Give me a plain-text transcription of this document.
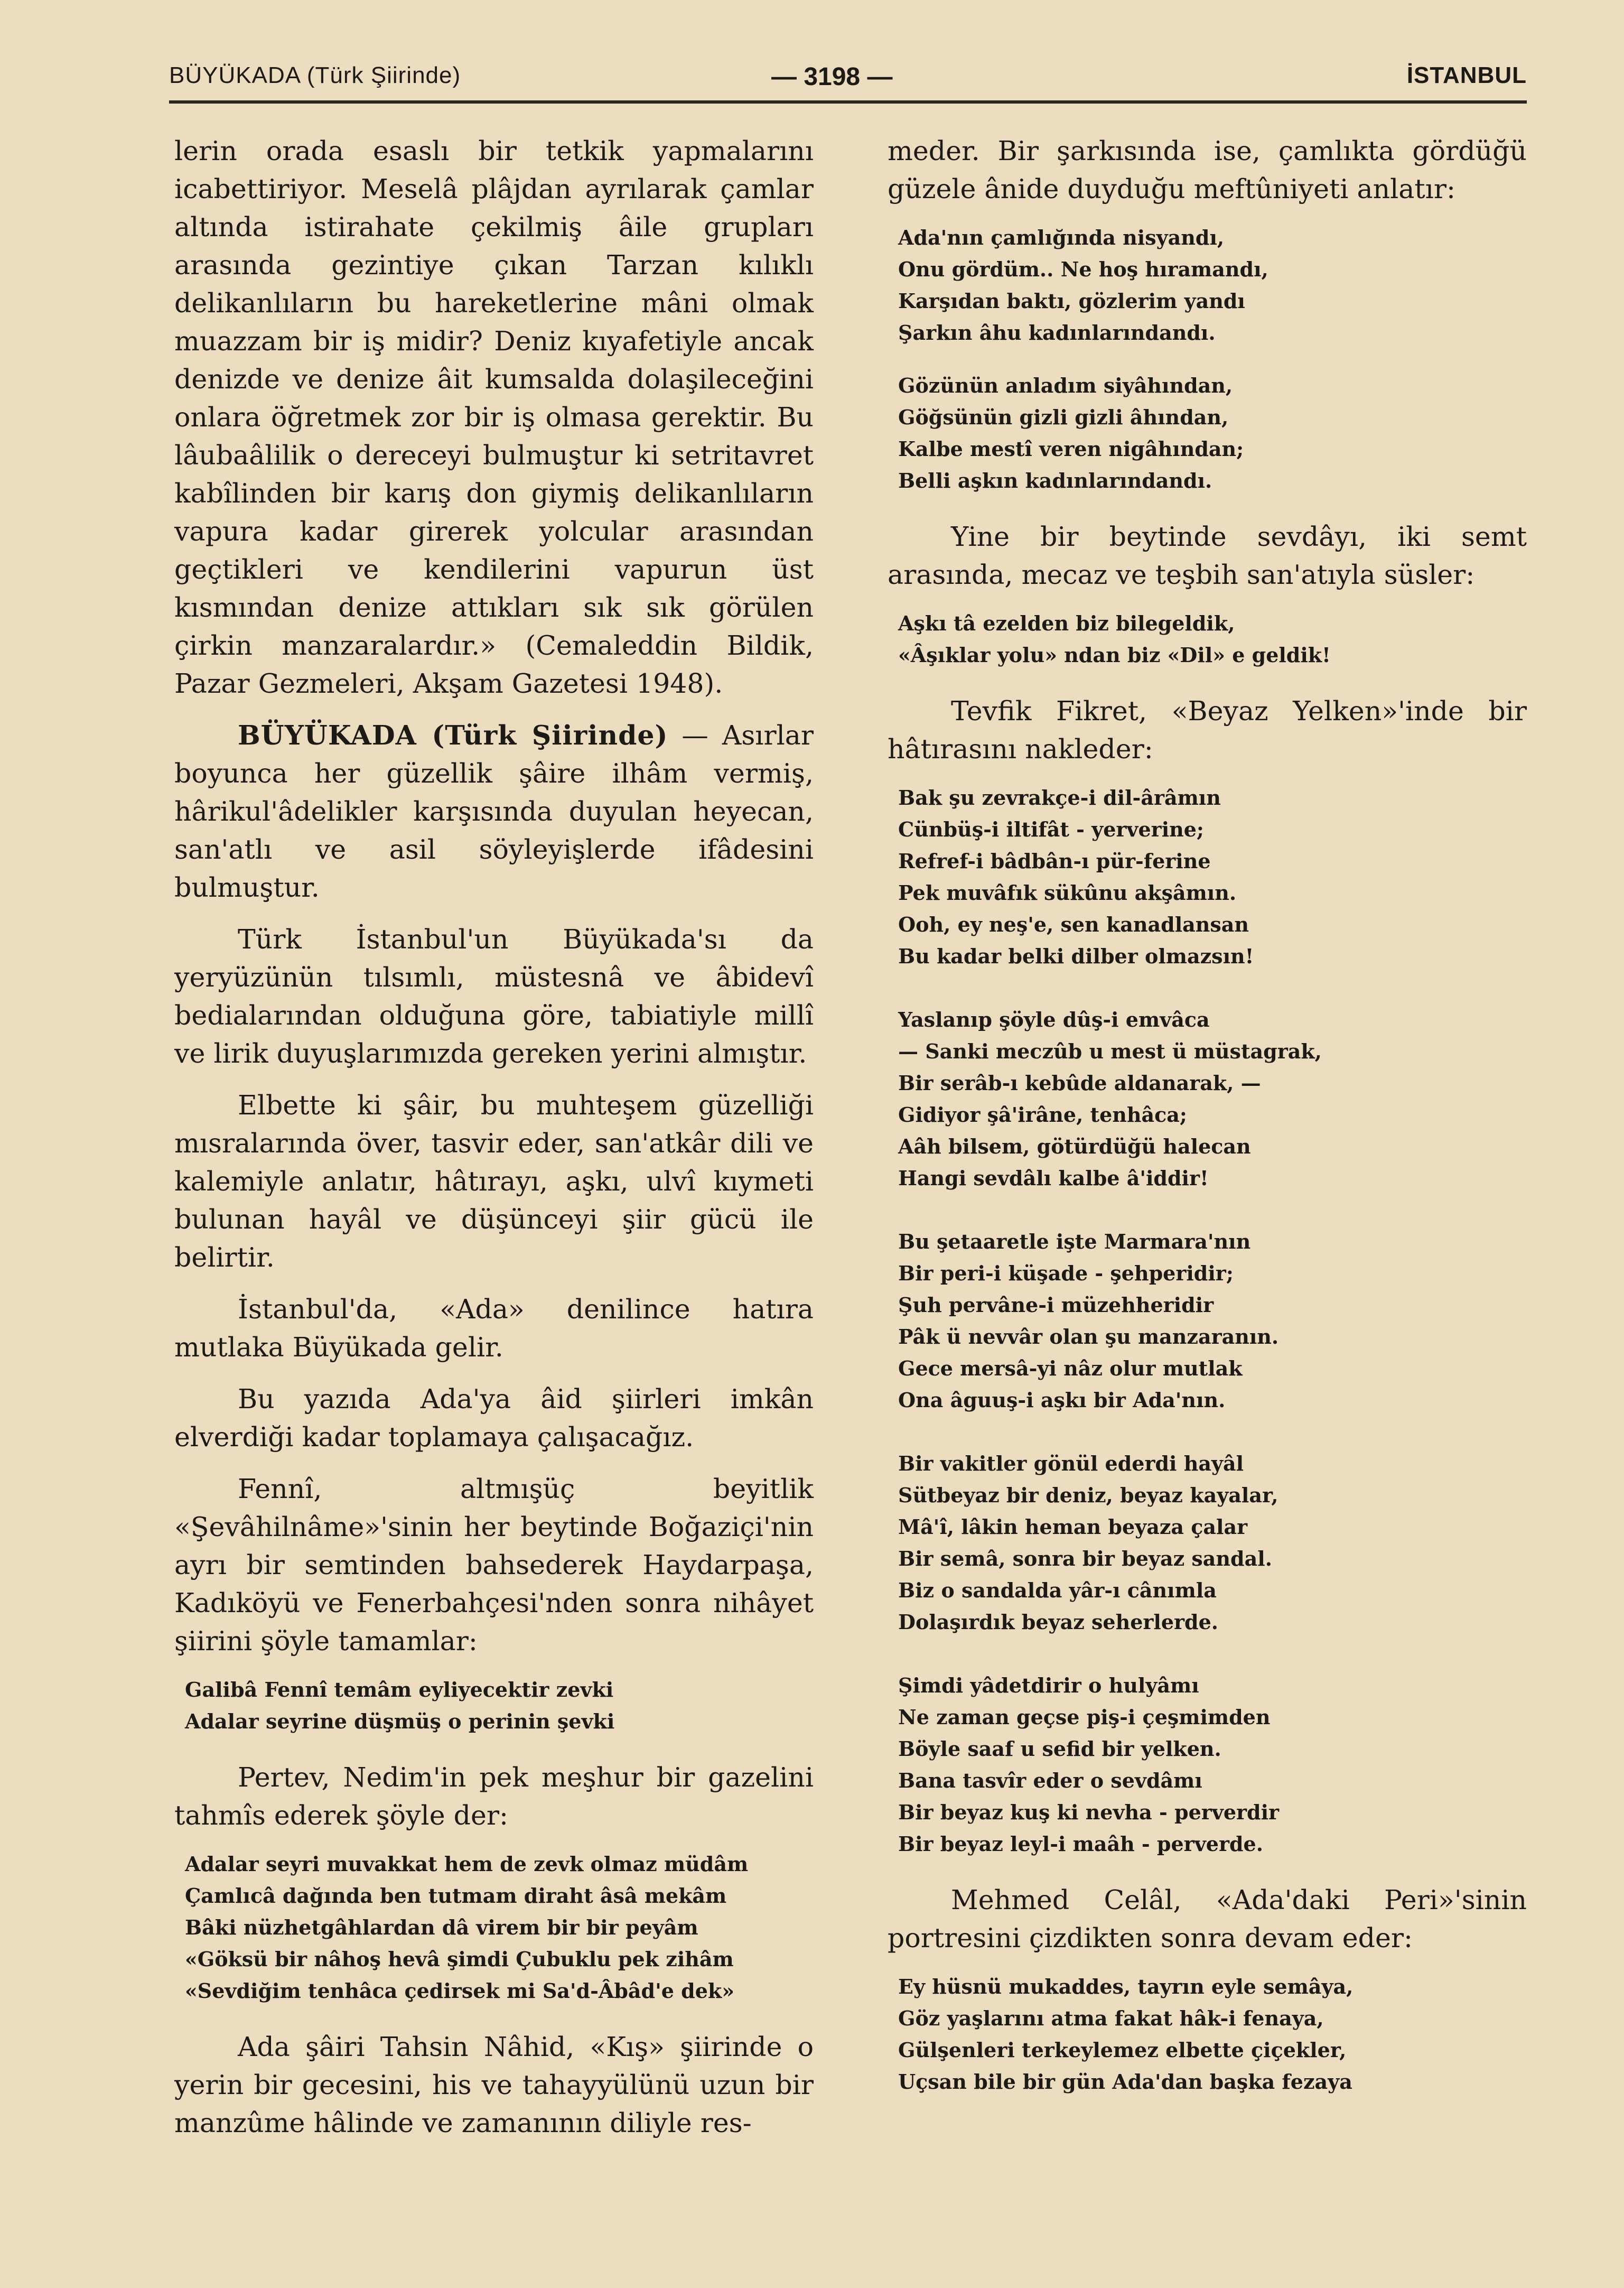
BÜYÜKADA (Türk Şiirinde)	— 3198 —	İSTANBUL

lerin orada esaslı bir tetkik yapmalarını icabettiriyor. Meselâ plâjdan ayrılarak çamlar altında istirahate çekilmiş âile grupları arasında gezintiye çıkan Tarzan kılıklı delikanlıların bu hareketlerine mâni olmak muazzam bir iş midir? Deniz kıyafetiyle ancak denizde ve denize âit kumsalda dolaşileceğini onlara öğretmek zor bir iş olmasa gerektir. Bu lâubaâlilik o dereceyi bulmuştur ki setritavret kabîlinden bir karış don giymiş delikanlıların vapura kadar girerek yolcular arasından geçtikleri ve kendilerini vapurun üst kısmından denize attıkları sık sık görülen çirkin manzaralardır.» (Cemaleddin Bildik, Pazar Gezmeleri, Akşam Gazetesi 1948).

BÜYÜKADA (Türk Şiirinde) — Asırlar boyunca her güzellik şâire ilhâm vermiş, hârikul'âdelikler karşısında duyulan heyecan, san'atlı ve asil söyleyişlerde ifâdesini bulmuştur.

Türk İstanbul'un Büyükada'sı da yeryüzünün tılsımlı, müstesnâ ve âbidevî bedialarından olduğuna göre, tabiatiyle millî ve lirik duyuşlarımızda gereken yerini almıştır.

Elbette ki şâir, bu muhteşem güzelliği mısralarında över, tasvir eder, san'atkâr dili ve kalemiyle anlatır, hâtırayı, aşkı, ulvî kıymeti bulunan hayâl ve düşünceyi şiir gücü ile belirtir.

İstanbul'da, «Ada» denilince hatıra mutlaka Büyükada gelir.

Bu yazıda Ada'ya âid şiirleri imkân elverdiği kadar toplamaya çalışacağız.

Fennî, altmışüç beyitlik «Şevâhilnâme»'sinin her beytinde Boğaziçi'nin ayrı bir semtinden bahsederek Haydarpaşa, Kadıköyü ve Fenerbahçesi'nden sonra nihâyet şiirini şöyle tamamlar:

Galibâ Fennî temâm eyliyecektir zevki
Adalar seyrine düşmüş o perinin şevki

Pertev, Nedim'in pek meşhur bir gazelini tahmîs ederek şöyle der:

Adalar seyri muvakkat hem de zevk olmaz müdâm
Çamlıcâ dağında ben tutmam diraht âsâ mekâm
Bâki nüzhetgâhlardan dâ virem bir bir peyâm
«Göksü bir nâhoş hevâ şimdi Çubuklu pek zihâm
«Sevdiğim tenhâca çedirsek mi Sa'd-Âbâd'e dek»

Ada şâiri Tahsin Nâhid, «Kış» şiirinde o yerin bir gecesini, his ve tahayyülünü uzun bir manzûme hâlinde ve zamanının diliyle res-

meder. Bir şarkısında ise, çamlıkta gördüğü güzele ânide duyduğu meftûniyeti anlatır:

Ada'nın çamlığında nisyandı,
Onu gördüm.. Ne hoş hıramandı,
Karşıdan baktı, gözlerim yandı
Şarkın âhu kadınlarındandı.
Gözünün anladım siyâhından,
Göğsünün gizli gizli âhından,
Kalbe mestî veren nigâhından;
Belli aşkın kadınlarındandı.

Yine bir beytinde sevdâyı, iki semt arasında, mecaz ve teşbih san'atıyla süsler:

Aşkı tâ ezelden biz bilegeldik,
«Âşıklar yolu» ndan biz «Dil» e geldik!

Tevfik Fikret, «Beyaz Yelken»'inde bir hâtırasını nakleder:

Bak şu zevrakçe-i dil-ârâmın
Cünbüş-i iltifât - yerverine;
Refref-i bâdbân-ı pür-ferine
Pek muvâfık sükûnu akşâmın.
Ooh, ey neş'e, sen kanadlansan
Bu kadar belki dilber olmazsın!
Yaslanıp şöyle dûş-i emvâca
— Sanki meczûb u mest ü müstagrak,
Bir serâb-ı kebûde aldanarak, —
Gidiyor şâ'irâne, tenhâca;
Aâh bilsem, götürdüğü halecan
Hangi sevdâlı kalbe â'iddir!
Bu şetaaretle işte Marmara'nın
Bir peri-i küşade - şehperidir;
Şuh pervâne-i müzehheridir
Pâk ü nevvâr olan şu manzaranın.
Gece mersâ-yi nâz olur mutlak
Ona âguuş-i aşkı bir Ada'nın.
Bir vakitler gönül ederdi hayâl
Sütbeyaz bir deniz, beyaz kayalar,
Mâ'î, lâkin heman beyaza çalar
Bir semâ, sonra bir beyaz sandal.
Biz o sandalda yâr-ı cânımla
Dolaşırdık beyaz seherlerde.
Şimdi yâdetdirir o hulyâmı
Ne zaman geçse piş-i çeşmimden
Böyle saaf u sefid bir yelken.
Bana tasvîr eder o sevdâmı
Bir beyaz kuş ki nevha - perverdir
Bir beyaz leyl-i maâh - perverde.

Mehmed Celâl, «Ada'daki Peri»'sinin portresini çizdikten sonra devam eder:

Ey hüsnü mukaddes, tayrın eyle semâya,
Göz yaşlarını atma fakat hâk-i fenaya,
Gülşenleri terkeylemez elbette çiçekler,
Uçsan bile bir gün Ada'dan başka fezaya
